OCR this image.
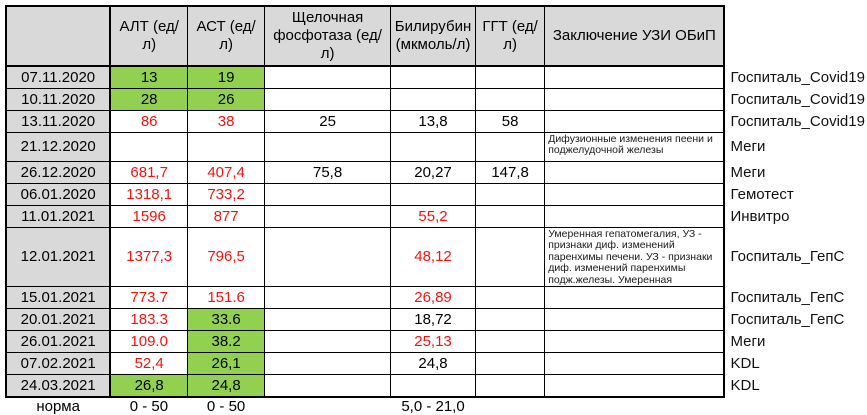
	АЛТ (ед/л)	АСТ (ед/л)	Щелочная фосфотаза (ед/л)	Билирубин (мкмоль/л)	ГГТ (ед/л)	Заключение УЗИ ОБиП	
07.11.2020	13	19					Госпиталь_Covid19
10.11.2020	28	26					Госпиталь_Covid19
13.11.2020	86	38	25	13,8	58		Госпиталь_Covid19
21.12.2020						Дифузионные изменения пеени и поджелудочной железы	Меги
26.12.2020	681,7	407,4	75,8	20,27	147,8		Меги
06.01.2020	1318,1	733,2					Гемотест
11.01.2021	1596	877		55,2			Инвитро
12.01.2021	1377,3	796,5		48,12		Умеренная гепатомегалия, УЗ - признаки диф. изменений паренхимы печени. УЗ - признаки диф. изменений паренхимы подж.железы. Умеренная	Госпиталь_ГепС
15.01.2021	773.7	151.6		26,89			Госпиталь_ГепС
20.01.2021	183.3	33.6		18,72			Госпиталь_ГепС
26.01.2021	109.0	38.2		25,13			Меги
07.02.2021	52,4	26,1		24,8			KDL
24.03.2021	26,8	24,8					KDL
норма	0 - 50	0 - 50		5,0 - 21,0			
